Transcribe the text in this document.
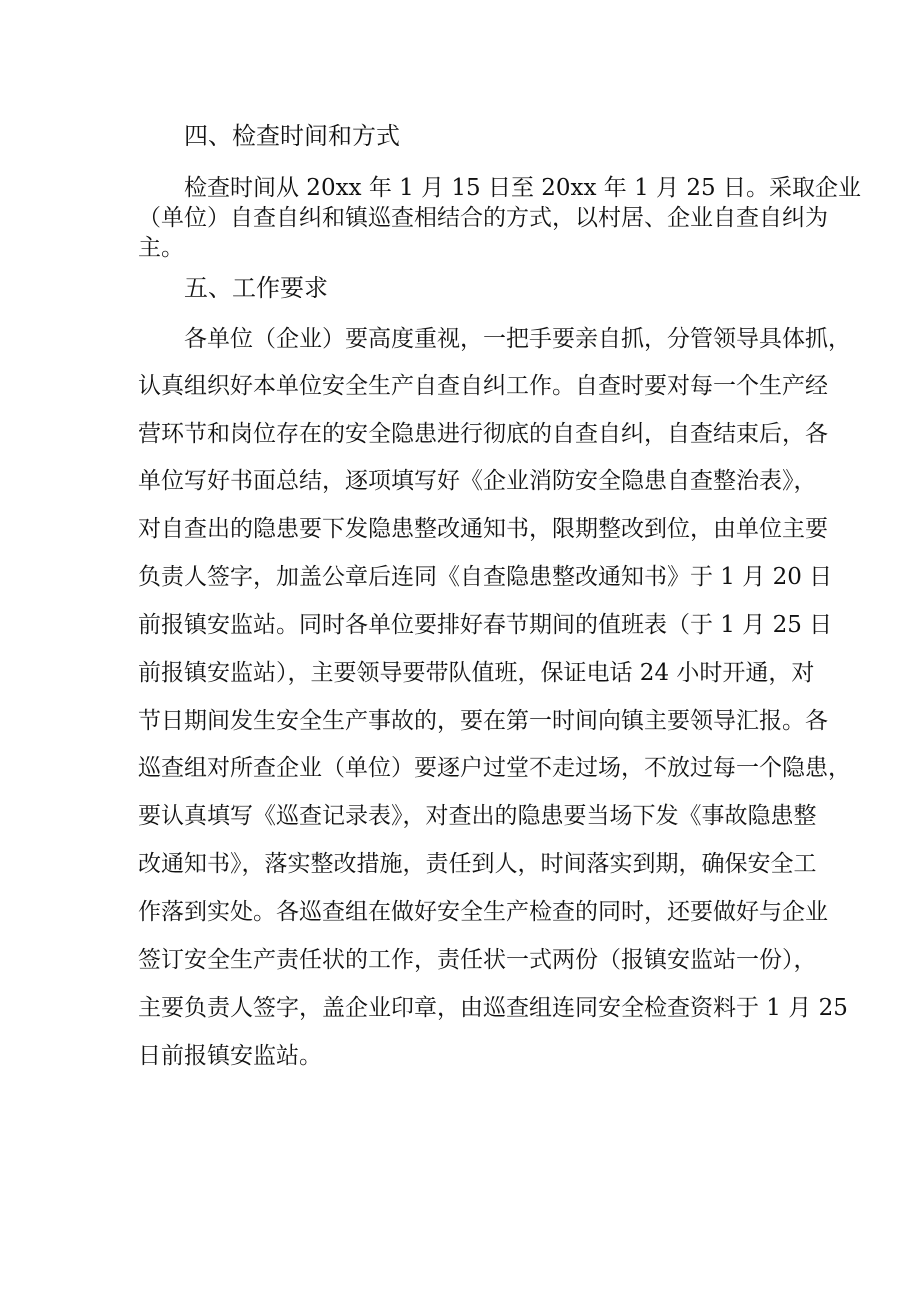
四、检查时间和方式
检查时间从 20xx 年 1 月 15 日至 20xx 年 1 月 25 日。采取企业
（单位）自查自纠和镇巡查相结合的方式，以村居、企业自查自纠为
主。
五、工作要求
各单位（企业）要高度重视，一把手要亲自抓，分管领导具体抓，
认真组织好本单位安全生产自查自纠工作。自查时要对每一个生产经
营环节和岗位存在的安全隐患进行彻底的自查自纠，自查结束后，各
单位写好书面总结，逐项填写好《企业消防安全隐患自查整治表》，
对自查出的隐患要下发隐患整改通知书，限期整改到位，由单位主要
负责人签字，加盖公章后连同《自查隐患整改通知书》于 1 月 20 日
前报镇安监站。同时各单位要排好春节期间的值班表（于 1 月 25 日
前报镇安监站），主要领导要带队值班，保证电话 24 小时开通，对
节日期间发生安全生产事故的，要在第一时间向镇主要领导汇报。各
巡查组对所查企业（单位）要逐户过堂不走过场，不放过每一个隐患，
要认真填写《巡查记录表》，对查出的隐患要当场下发《事故隐患整
改通知书》，落实整改措施，责任到人，时间落实到期，确保安全工
作落到实处。各巡查组在做好安全生产检查的同时，还要做好与企业
签订安全生产责任状的工作，责任状一式两份（报镇安监站一份），
主要负责人签字，盖企业印章，由巡查组连同安全检查资料于 1 月 25
日前报镇安监站。
